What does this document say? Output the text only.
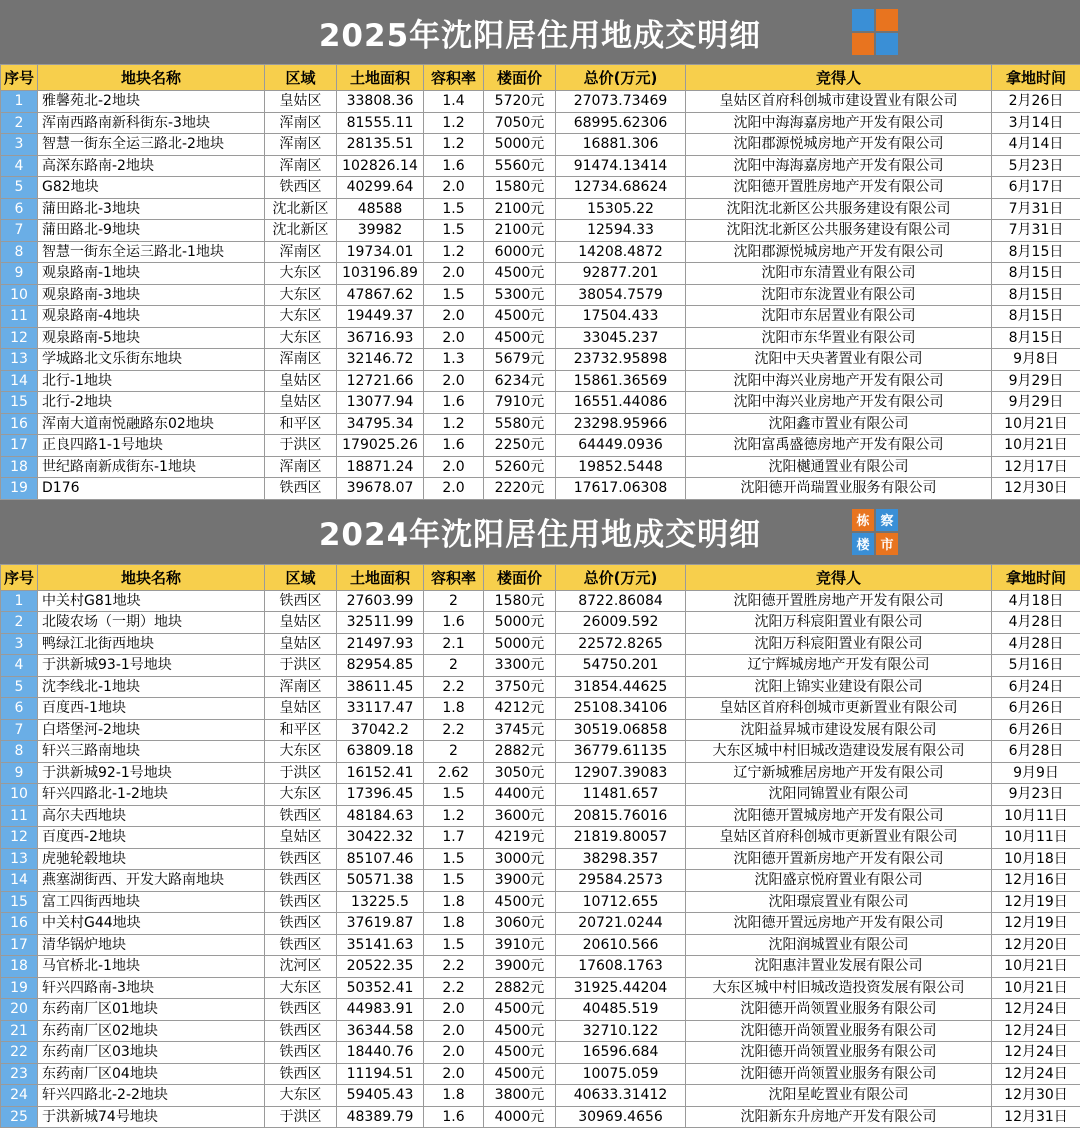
2025年沈阳居住用地成交明细
序号	地块名称	区域	土地面积	容积率	楼面价	总价(万元)	竞得人	拿地时间
1	雅馨苑北-2地块	皇姑区	33808.36	1.4	5720元	27073.73469	皇姑区首府科创城市建设置业有限公司	2月26日
2	浑南西路南新科街东-3地块	浑南区	81555.11	1.2	7050元	68995.62306	沈阳中海海嘉房地产开发有限公司	3月14日
3	智慧一街东全运三路北-2地块	浑南区	28135.51	1.2	5000元	16881.306	沈阳郡源悦城房地产开发有限公司	4月14日
4	高深东路南-2地块	浑南区	102826.14	1.6	5560元	91474.13414	沈阳中海海嘉房地产开发有限公司	5月23日
5	G82地块	铁西区	40299.64	2.0	1580元	12734.68624	沈阳德开置胜房地产开发有限公司	6月17日
6	蒲田路北-3地块	沈北新区	48588	1.5	2100元	15305.22	沈阳沈北新区公共服务建设有限公司	7月31日
7	蒲田路北-9地块	沈北新区	39982	1.5	2100元	12594.33	沈阳沈北新区公共服务建设有限公司	7月31日
8	智慧一街东全运三路北-1地块	浑南区	19734.01	1.2	6000元	14208.4872	沈阳郡源悦城房地产开发有限公司	8月15日
9	观泉路南-1地块	大东区	103196.89	2.0	4500元	92877.201	沈阳市东清置业有限公司	8月15日
10	观泉路南-3地块	大东区	47867.62	1.5	5300元	38054.7579	沈阳市东泷置业有限公司	8月15日
11	观泉路南-4地块	大东区	19449.37	2.0	4500元	17504.433	沈阳市东居置业有限公司	8月15日
12	观泉路南-5地块	大东区	36716.93	2.0	4500元	33045.237	沈阳市东华置业有限公司	8月15日
13	学城路北文乐街东地块	浑南区	32146.72	1.3	5679元	23732.95898	沈阳中天央著置业有限公司	9月8日
14	北行-1地块	皇姑区	12721.66	2.0	6234元	15861.36569	沈阳中海兴业房地产开发有限公司	9月29日
15	北行-2地块	皇姑区	13077.94	1.6	7910元	16551.44086	沈阳中海兴业房地产开发有限公司	9月29日
16	浑南大道南悦融路东02地块	和平区	34795.34	1.2	5580元	23298.95966	沈阳鑫市置业有限公司	10月21日
17	正良四路1-1号地块	于洪区	179025.26	1.6	2250元	64449.0936	沈阳富禹盛德房地产开发有限公司	10月21日
18	世纪路南新成街东-1地块	浑南区	18871.24	2.0	5260元	19852.5448	沈阳樾通置业有限公司	12月17日
19	D176	铁西区	39678.07	2.0	2220元	17617.06308	沈阳德开尚瑞置业服务有限公司	12月30日
2024年沈阳居住用地成交明细	栋 察
楼 市
序号	地块名称	区域	土地面积	容积率	楼面价	总价(万元)	竞得人	拿地时间
1	中关村G81地块	铁西区	27603.99	2	1580元	8722.86084	沈阳德开置胜房地产开发有限公司	4月18日
2	北陵农场（一期）地块	皇姑区	32511.99	1.6	5000元	26009.592	沈阳万科宸阳置业有限公司	4月28日
3	鸭绿江北街西地块	皇姑区	21497.93	2.1	5000元	22572.8265	沈阳万科宸阳置业有限公司	4月28日
4	于洪新城93-1号地块	于洪区	82954.85	2	3300元	54750.201	辽宁辉城房地产开发有限公司	5月16日
5	沈李线北-1地块	浑南区	38611.45	2.2	3750元	31854.44625	沈阳上锦实业建设有限公司	6月24日
6	百度西-1地块	皇姑区	33117.47	1.8	4212元	25108.34106	皇姑区首府科创城市更新置业有限公司	6月26日
7	白塔堡河-2地块	和平区	37042.2	2.2	3745元	30519.06858	沈阳益昇城市建设发展有限公司	6月26日
8	轩兴三路南地块	大东区	63809.18	2	2882元	36779.61135	大东区城中村旧城改造建设发展有限公司	6月28日
9	于洪新城92-1号地块	于洪区	16152.41	2.62	3050元	12907.39083	辽宁新城雅居房地产开发有限公司	9月9日
10	轩兴四路北-1-2地块	大东区	17396.45	1.5	4400元	11481.657	沈阳同锦置业有限公司	9月23日
11	高尔夫西地块	铁西区	48184.63	1.2	3600元	20815.76016	沈阳德开置城房地产开发有限公司	10月11日
12	百度西-2地块	皇姑区	30422.32	1.7	4219元	21819.80057	皇姑区首府科创城市更新置业有限公司	10月11日
13	虎驰轮毂地块	铁西区	85107.46	1.5	3000元	38298.357	沈阳德开置新房地产开发有限公司	10月18日
14	燕塞湖街西、开发大路南地块	铁西区	50571.38	1.5	3900元	29584.2573	沈阳盛京悦府置业有限公司	12月16日
15	富工四街西地块	铁西区	13225.5	1.8	4500元	10712.655	沈阳璟宸置业有限公司	12月19日
16	中关村G44地块	铁西区	37619.87	1.8	3060元	20721.0244	沈阳德开置远房地产开发有限公司	12月19日
17	清华锅炉地块	铁西区	35141.63	1.5	3910元	20610.566	沈阳润城置业有限公司	12月20日
18	马官桥北-1地块	沈河区	20522.35	2.2	3900元	17608.1763	沈阳惠沣置业发展有限公司	10月21日
19	轩兴四路南-3地块	大东区	50352.41	2.2	2882元	31925.44204	大东区城中村旧城改造投资发展有限公司	10月21日
20	东药南厂区01地块	铁西区	44983.91	2.0	4500元	40485.519	沈阳德开尚领置业服务有限公司	12月24日
21	东药南厂区02地块	铁西区	36344.58	2.0	4500元	32710.122	沈阳德开尚领置业服务有限公司	12月24日
22	东药南厂区03地块	铁西区	18440.76	2.0	4500元	16596.684	沈阳德开尚领置业服务有限公司	12月24日
23	东药南厂区04地块	铁西区	11194.51	2.0	4500元	10075.059	沈阳德开尚领置业服务有限公司	12月24日
24	轩兴四路北-2-2地块	大东区	59405.43	1.8	3800元	40633.31412	沈阳星屹置业有限公司	12月30日
25	于洪新城74号地块	于洪区	48389.79	1.6	4000元	30969.4656	沈阳新东升房地产开发有限公司	12月31日
